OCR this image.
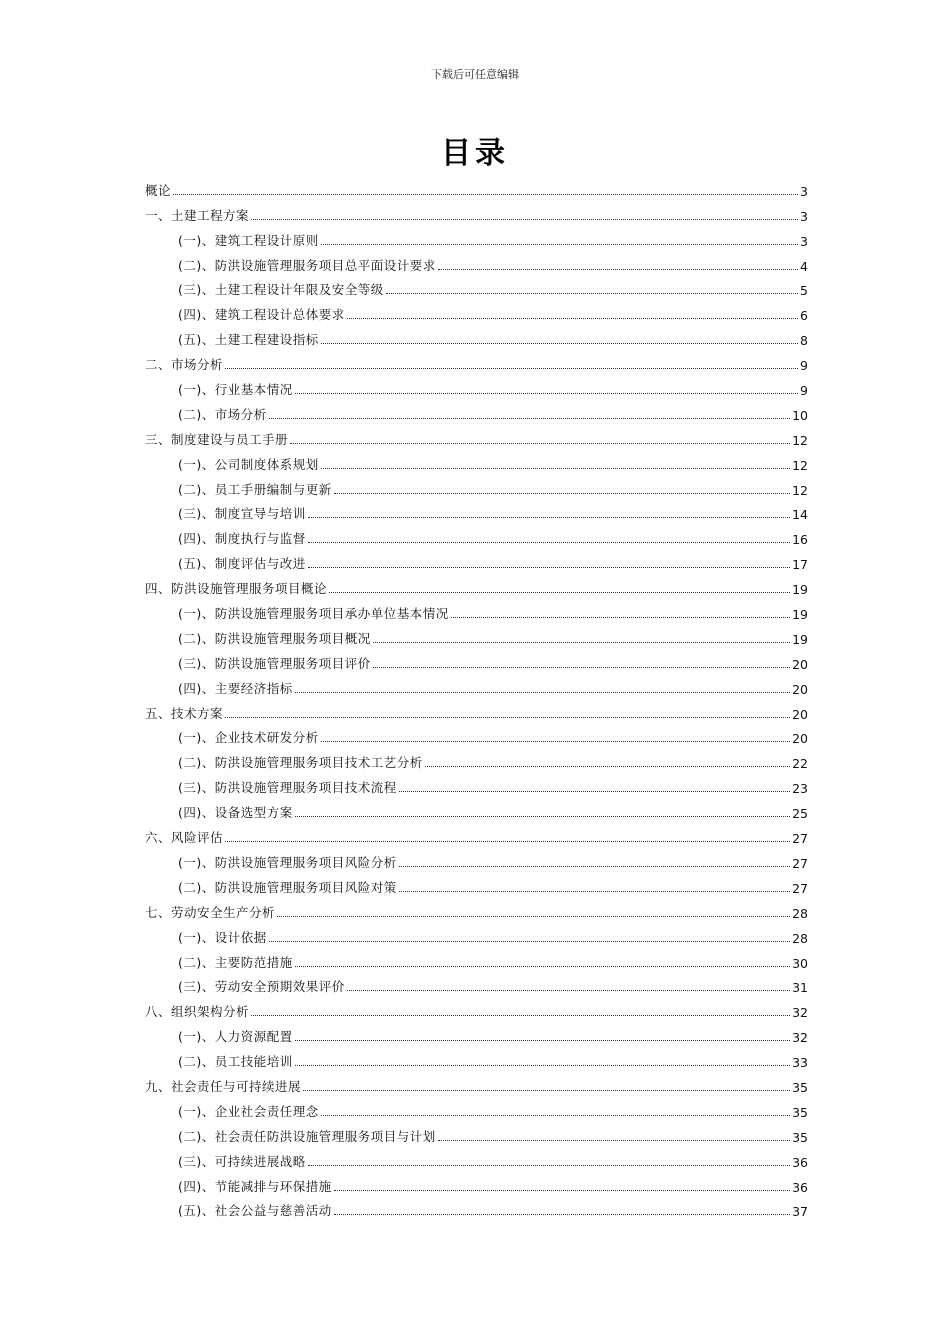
下载后可任意编辑
目录
概论	3
一、土建工程方案	3
(一)、建筑工程设计原则	3
(二)、防洪设施管理服务项目总平面设计要求	4
(三)、土建工程设计年限及安全等级	5
(四)、建筑工程设计总体要求	6
(五)、土建工程建设指标	8
二、市场分析	9
(一)、行业基本情况	9
(二)、市场分析	10
三、制度建设与员工手册	12
(一)、公司制度体系规划	12
(二)、员工手册编制与更新	12
(三)、制度宣导与培训	14
(四)、制度执行与监督	16
(五)、制度评估与改进	17
四、防洪设施管理服务项目概论	19
(一)、防洪设施管理服务项目承办单位基本情况	19
(二)、防洪设施管理服务项目概况	19
(三)、防洪设施管理服务项目评价	20
(四)、主要经济指标	20
五、技术方案	20
(一)、企业技术研发分析	20
(二)、防洪设施管理服务项目技术工艺分析	22
(三)、防洪设施管理服务项目技术流程	23
(四)、设备选型方案	25
六、风险评估	27
(一)、防洪设施管理服务项目风险分析	27
(二)、防洪设施管理服务项目风险对策	27
七、劳动安全生产分析	28
(一)、设计依据	28
(二)、主要防范措施	30
(三)、劳动安全预期效果评价	31
八、组织架构分析	32
(一)、人力资源配置	32
(二)、员工技能培训	33
九、社会责任与可持续进展	35
(一)、企业社会责任理念	35
(二)、社会责任防洪设施管理服务项目与计划	35
(三)、可持续进展战略	36
(四)、节能减排与环保措施	36
(五)、社会公益与慈善活动	37
